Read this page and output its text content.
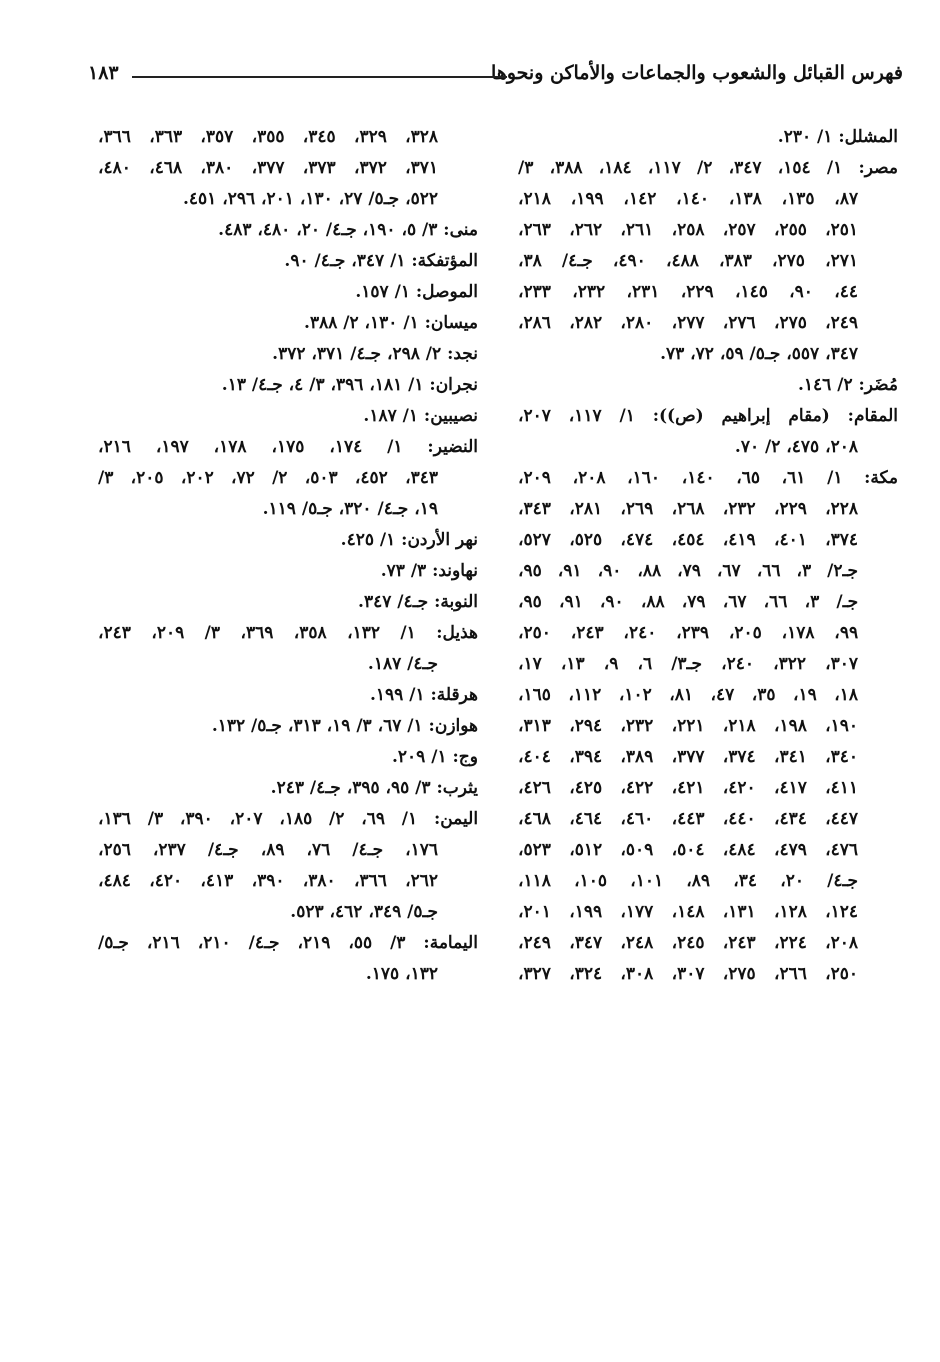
فهرس القبائل والشعوب والجماعات والأماكن ونحوها
١٨٣
المشلل: ١/ ٢٣٠.
مصر: ١/ ١٥٤، ٣٤٧، ٢/ ١١٧، ١٨٤، ٣٨٨، ٣/
٨٧، ١٣٥، ١٣٨، ١٤٠، ١٤٢، ١٩٩، ٢١٨،
٢٥١، ٢٥٥، ٢٥٧، ٢٥٨، ٢٦١، ٢٦٢، ٢٦٣،
٢٧١، ٢٧٥، ٣٨٣، ٤٨٨، ٤٩٠، جـ٤/ ٣٨،
٤٤، ٩٠، ١٤٥، ٢٢٩، ٢٣١، ٢٣٢، ٢٣٣،
٢٤٩، ٢٧٥، ٢٧٦، ٢٧٧، ٢٨٠، ٢٨٢، ٢٨٦،
٣٤٧، ٥٥٧، جـ٥/ ٥٩، ٧٢، ٧٣.
مُضَر: ٢/ ١٤٦.
المقام: (مقام إبراهيم (ص)): ١/ ١١٧، ٢٠٧،
٢٠٨، ٤٧٥، ٢/ ٧٠.
مكة: ١/ ٦١، ٦٥، ١٤٠، ١٦٠، ٢٠٨، ٢٠٩،
٢٢٨، ٢٢٩، ٢٣٢، ٢٦٨، ٢٦٩، ٢٨١، ٣٤٣،
٣٧٤، ٤٠١، ٤١٩، ٤٥٤، ٤٧٤، ٥٢٥، ٥٢٧،
جـ٢/ ٣، ٦٦، ٦٧، ٧٩، ٨٨، ٩٠، ٩١، ٩٥،
جـ/ ٣، ٦٦، ٦٧، ٧٩، ٨٨، ٩٠، ٩١، ٩٥،
٩٩، ١٧٨، ٢٠٥، ٢٣٩، ٢٤٠، ٢٤٣، ٢٥٠،
٣٠٧، ٣٢٢، ٢٤٠، جـ٣/ ٦، ٩، ١٣، ١٧،
١٨، ١٩، ٣٥، ٤٧، ٨١، ١٠٢، ١١٢، ١٦٥،
١٩٠، ١٩٨، ٢١٨، ٢٢١، ٢٣٢، ٢٩٤، ٣١٣،
٣٤٠، ٣٤١، ٣٧٤، ٣٧٧، ٣٨٩، ٣٩٤، ٤٠٤،
٤١١، ٤١٧، ٤٢٠، ٤٢١، ٤٢٢، ٤٢٥، ٤٢٦،
٤٤٧، ٤٣٤، ٤٤٠، ٤٤٣، ٤٦٠، ٤٦٤، ٤٦٨،
٤٧٦، ٤٧٩، ٤٨٤، ٥٠٤، ٥٠٩، ٥١٢، ٥٢٣،
جـ٤/ ٢٠، ٣٤، ٨٩، ١٠١، ١٠٥، ١١٨،
١٢٤، ١٢٨، ١٣١، ١٤٨، ١٧٧، ١٩٩، ٢٠١،
٢٠٨، ٢٢٤، ٢٤٣، ٢٤٥، ٢٤٨، ٣٤٧، ٢٤٩،
٢٥٠، ٢٦٦، ٢٧٥، ٣٠٧، ٣٠٨، ٣٢٤، ٣٢٧،
٣٢٨، ٣٢٩، ٣٤٥، ٣٥٥، ٣٥٧، ٣٦٣، ٣٦٦،
٣٧١، ٣٧٢، ٣٧٣، ٣٧٧، ٣٨٠، ٤٦٨، ٤٨٠،
٥٢٢، جـ٥/ ٢٧، ١٣٠، ٢٠١، ٢٩٦، ٤٥١.
منى: ٣/ ٥، ١٩٠، جـ٤/ ٢٠، ٤٨٠، ٤٨٣.
المؤتفكة: ١/ ٣٤٧، جـ٤/ ٩٠.
الموصل: ١/ ١٥٧.
ميسان: ١/ ١٣٠، ٢/ ٣٨٨.
نجد: ٢/ ٢٩٨، جـ٤/ ٣٧١، ٣٧٢.
نجران: ١/ ١٨١، ٣٩٦، ٣/ ٤، جـ٤/ ١٣.
نصيبين: ١/ ١٨٧.
النضير: ١/ ١٧٤، ١٧٥، ١٧٨، ١٩٧، ٢١٦،
٣٤٣، ٤٥٢، ٥٠٣، ٢/ ٧٢، ٢٠٢، ٢٠٥، ٣/
١٩، جـ٤/ ٣٢٠، جـ٥/ ١١٩.
نهر الأردن: ١/ ٤٢٥.
نهاوند: ٣/ ٧٣.
النوبة: جـ٤/ ٣٤٧.
هذيل: ١/ ١٣٢، ٣٥٨، ٣٦٩، ٣/ ٢٠٩، ٢٤٣،
جـ٤/ ١٨٧.
هرقلة: ١/ ١٩٩.
هوازن: ١/ ٦٧، ٣/ ١٩، ٣١٣، جـ٥/ ١٣٢.
وج: ١/ ٢٠٩.
يثرب: ٣/ ٩٥، ٣٩٥، جـ٤/ ٢٤٣.
اليمن: ١/ ٦٩، ٢/ ١٨٥، ٢٠٧، ٣٩٠، ٣/ ١٣٦،
١٧٦، جـ٤/ ٧٦، ٨٩، جـ٤/ ٢٣٧، ٢٥٦،
٢٦٢، ٣٦٦، ٣٨٠، ٣٩٠، ٤١٣، ٤٢٠، ٤٨٤،
جـ٥/ ٣٤٩، ٤٦٢، ٥٢٣.
اليمامة: ٣/ ٥٥، ٢١٩، جـ٤/ ٢١٠، ٢١٦، جـ٥/
١٣٢، ١٧٥.
